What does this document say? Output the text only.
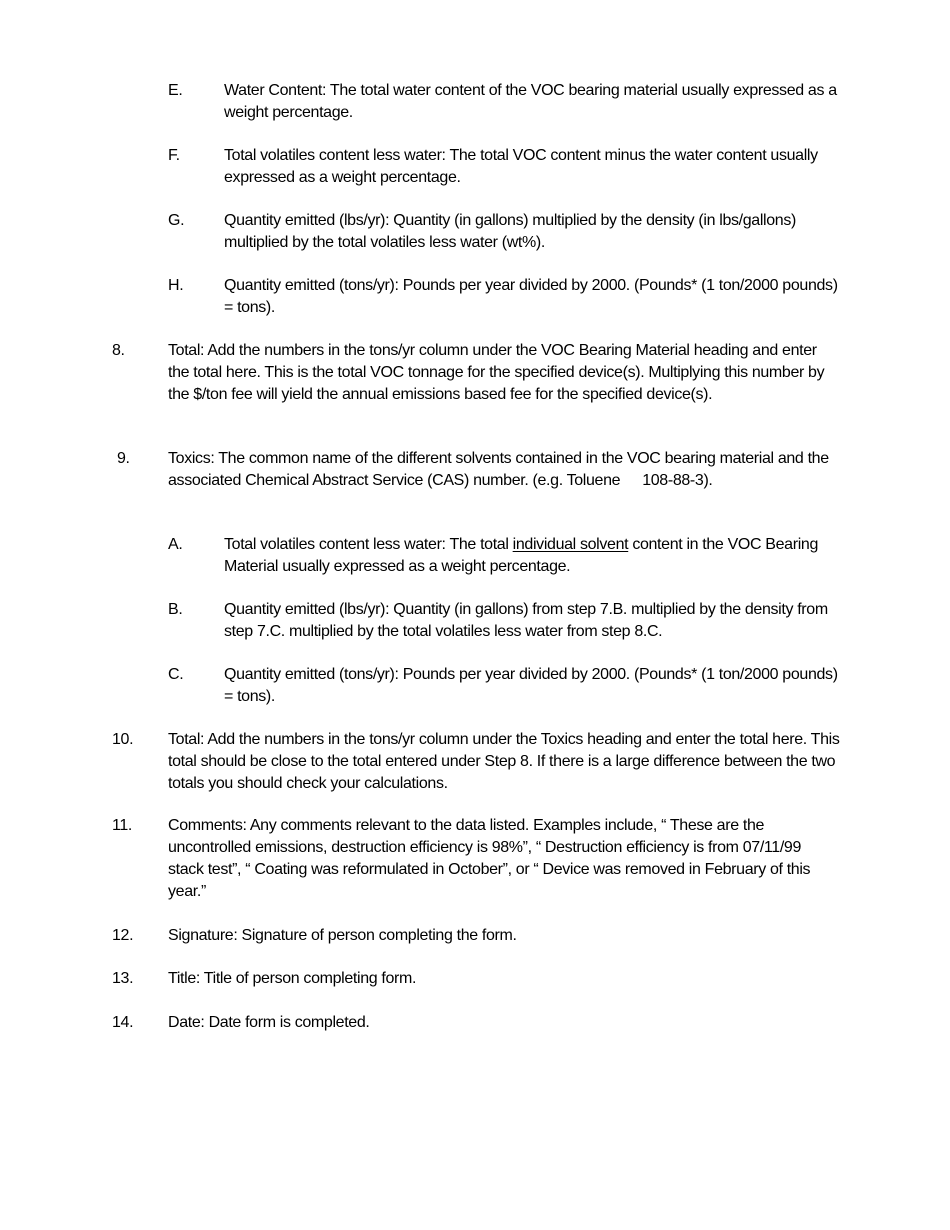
E.	Water Content: The total water content of the VOC bearing material usually expressed as a weight percentage.
F.	Total volatiles content less water: The total VOC content minus the water content usually expressed as a weight percentage.
G. Quantity emitted (lbs/yr): Quantity (in gallons) multiplied by the density (in lbs/gallons) multiplied by the total volatiles less water (wt%).
H.	Quantity emitted (tons/yr): Pounds per year divided by 2000. (Pounds* (1 ton/2000 pounds) = tons).
8.	Total: Add the numbers in the tons/yr column under the VOC Bearing Material heading and enter the total here. This is the total VOC tonnage for the specified device(s). Multiplying this number by the $/ton fee will yield the annual emissions based fee for the specified device(s).
9. Toxics: The common name of the different solvents contained in the VOC bearing material and the associated Chemical Abstract Service (CAS) number. (e.g. Toluene 108-88-3).
A.	Total volatiles content less water: The total individual solvent content in the VOC Bearing Material usually expressed as a weight percentage.
B.	Quantity emitted (lbs/yr): Quantity (in gallons) from step 7.B. multiplied by the density from step 7.C. multiplied by the total volatiles less water from step 8.C.
C.	Quantity emitted (tons/yr): Pounds per year divided by 2000. (Pounds* (1 ton/2000 pounds) = tons).
10. Total: Add the numbers in the tons/yr column under the Toxics heading and enter the total here. This total should be close to the total entered under Step 8. If there is a large difference between the two totals you should check your calculations.
11. Comments: Any comments relevant to the data listed. Examples include, “ These are the uncontrolled emissions, destruction efficiency is 98%”, “ Destruction efficiency is from 07/11/99 stack test”, “ Coating was reformulated in October”, or “ Device was removed in February of this year.”
12. Signature: Signature of person completing the form.
13. Title: Title of person completing form.
14. Date: Date form is completed.
